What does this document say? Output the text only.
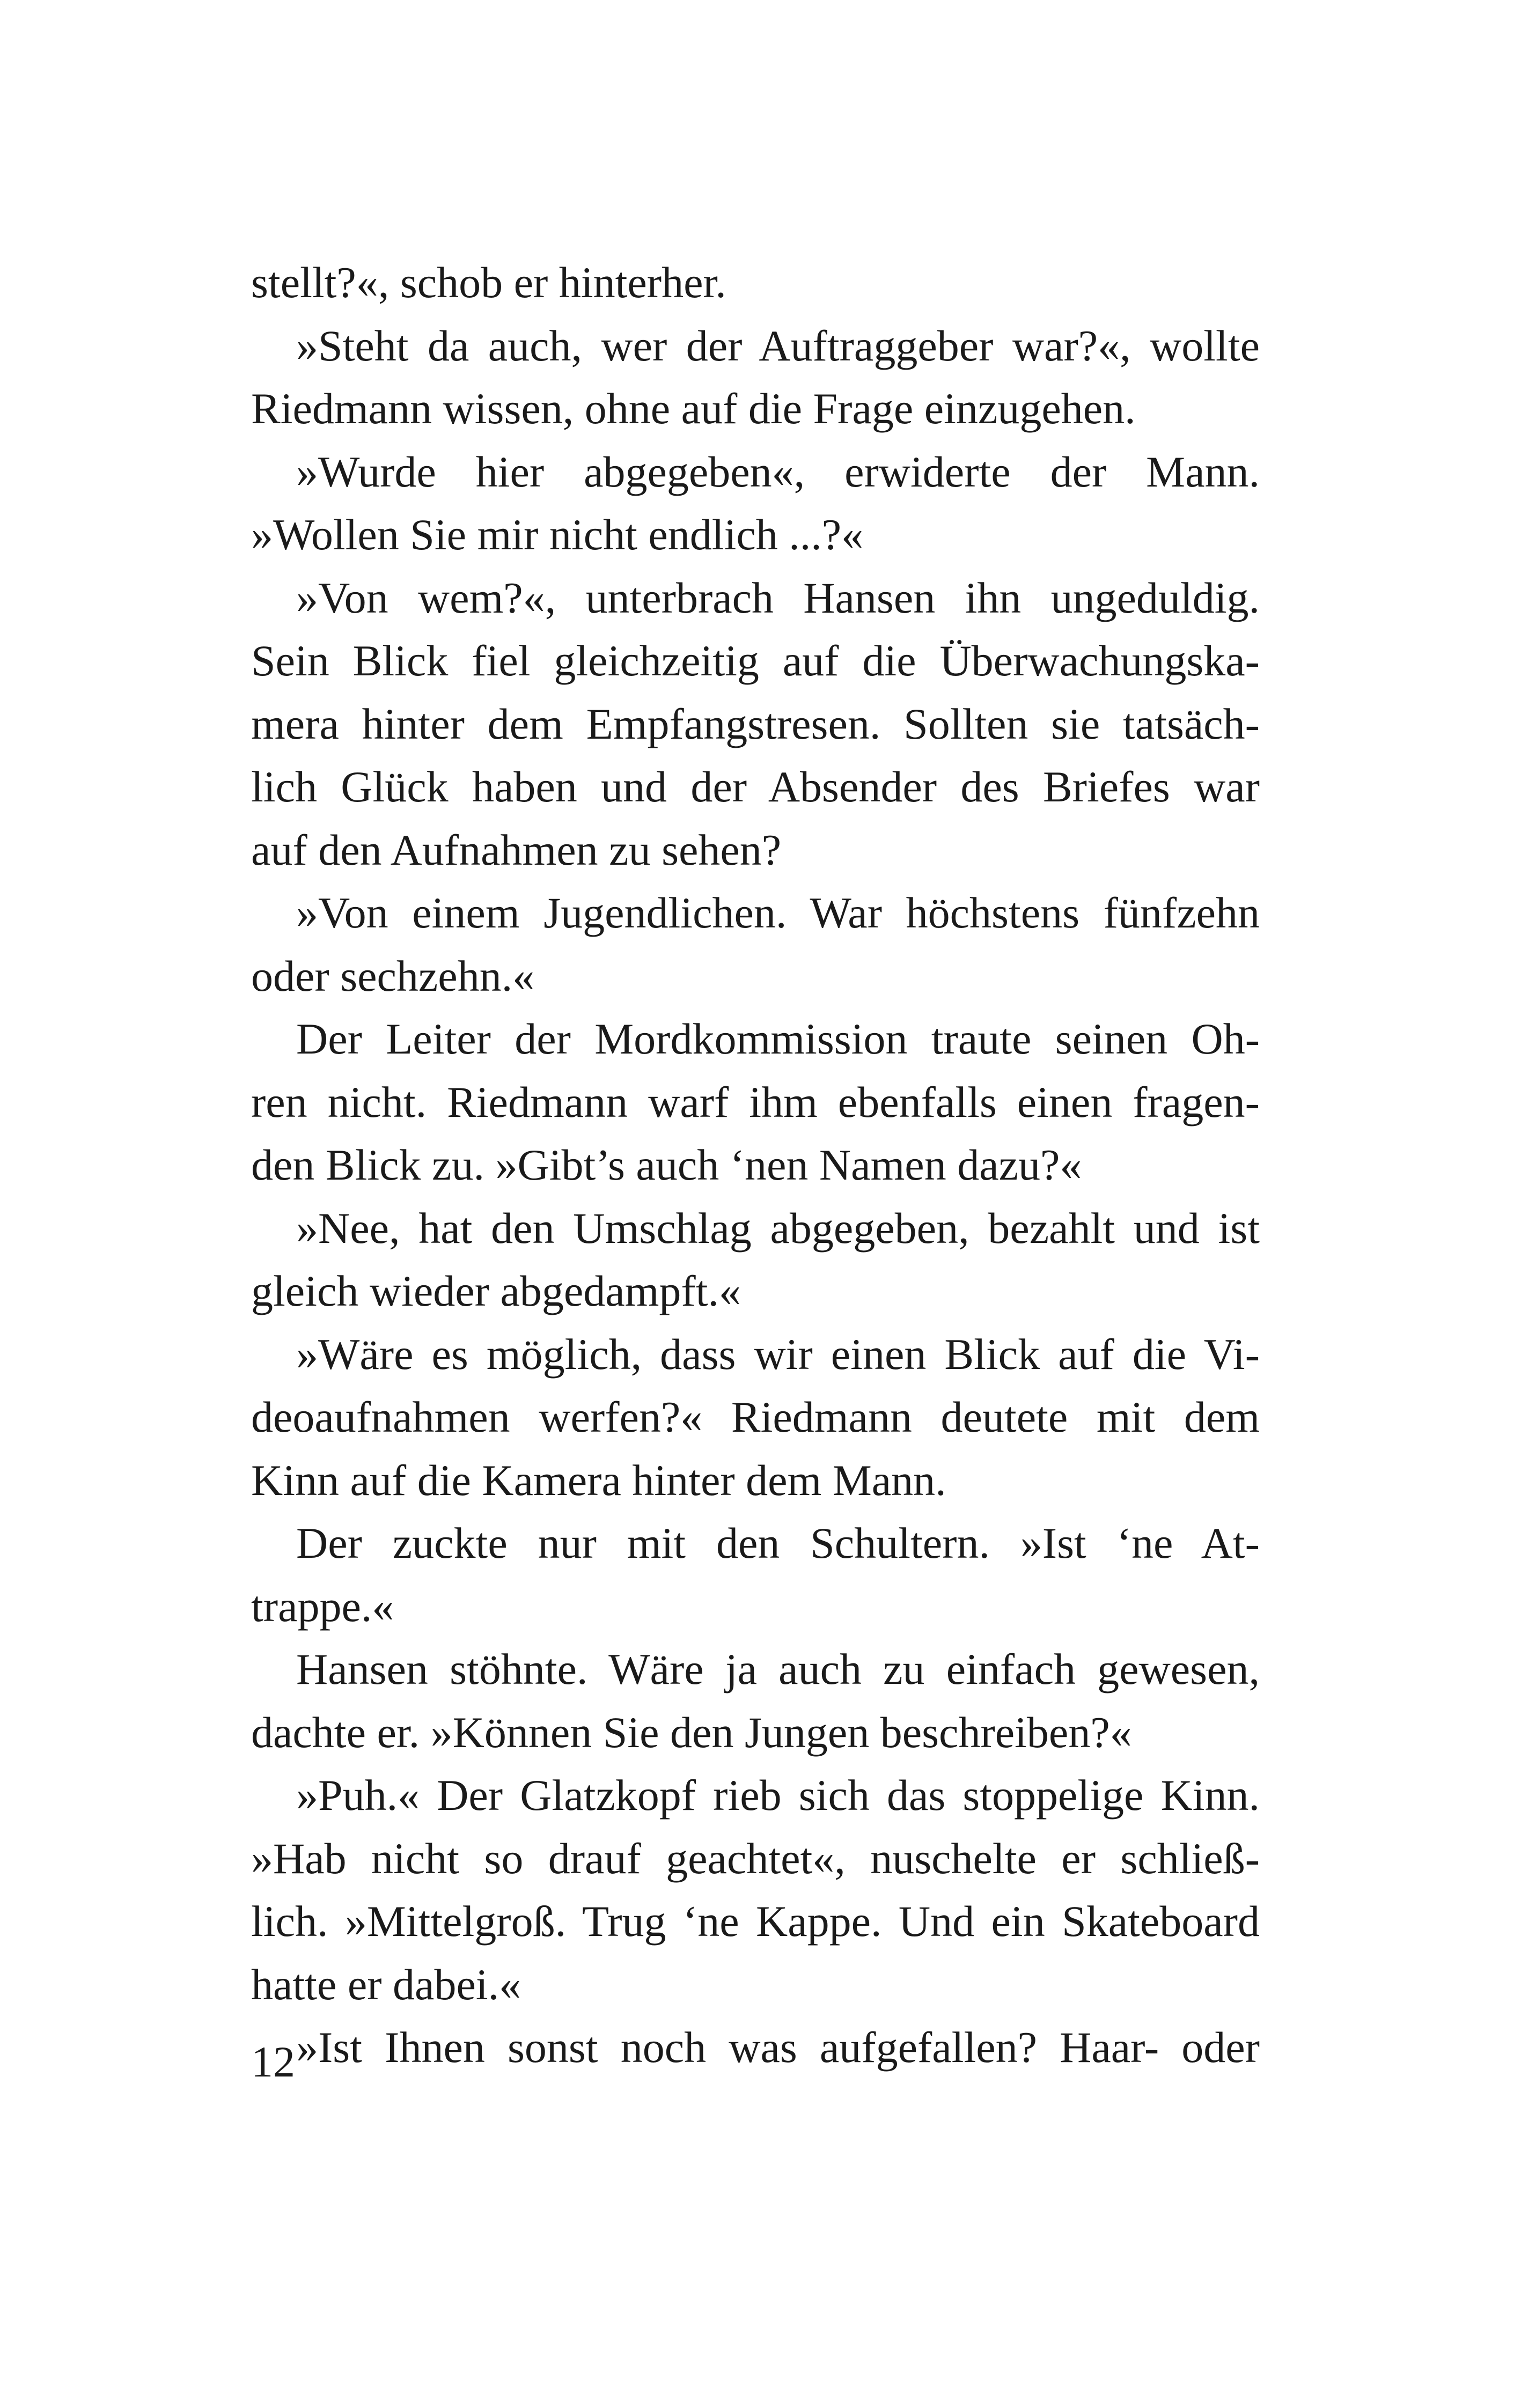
stellt?«, schob er hinterher.
»Steht da auch, wer der Auftraggeber war?«, wollte
Riedmann wissen, ohne auf die Frage einzugehen.
»Wurde hier abgegeben«, erwiderte der Mann.
»Wollen Sie mir nicht endlich ...?«
»Von wem?«, unterbrach Hansen ihn ungeduldig.
Sein Blick fiel gleichzeitig auf die Überwachungska-
mera hinter dem Empfangstresen. Sollten sie tatsäch-
lich Glück haben und der Absender des Briefes war
auf den Aufnahmen zu sehen?
»Von einem Jugendlichen. War höchstens fünfzehn
oder sechzehn.«
Der Leiter der Mordkommission traute seinen Oh-
ren nicht. Riedmann warf ihm ebenfalls einen fragen-
den Blick zu. »Gibt’s auch ‘nen Namen dazu?«
»Nee, hat den Umschlag abgegeben, bezahlt und ist
gleich wieder abgedampft.«
»Wäre es möglich, dass wir einen Blick auf die Vi-
deoaufnahmen werfen?« Riedmann deutete mit dem
Kinn auf die Kamera hinter dem Mann.
Der zuckte nur mit den Schultern. »Ist ‘ne At-
trappe.«
Hansen stöhnte. Wäre ja auch zu einfach gewesen,
dachte er. »Können Sie den Jungen beschreiben?«
»Puh.« Der Glatzkopf rieb sich das stoppelige Kinn.
»Hab nicht so drauf geachtet«, nuschelte er schließ-
lich. »Mittelgroß. Trug ‘ne Kappe. Und ein Skateboard
hatte er dabei.«
»Ist Ihnen sonst noch was aufgefallen? Haar- oder
12
